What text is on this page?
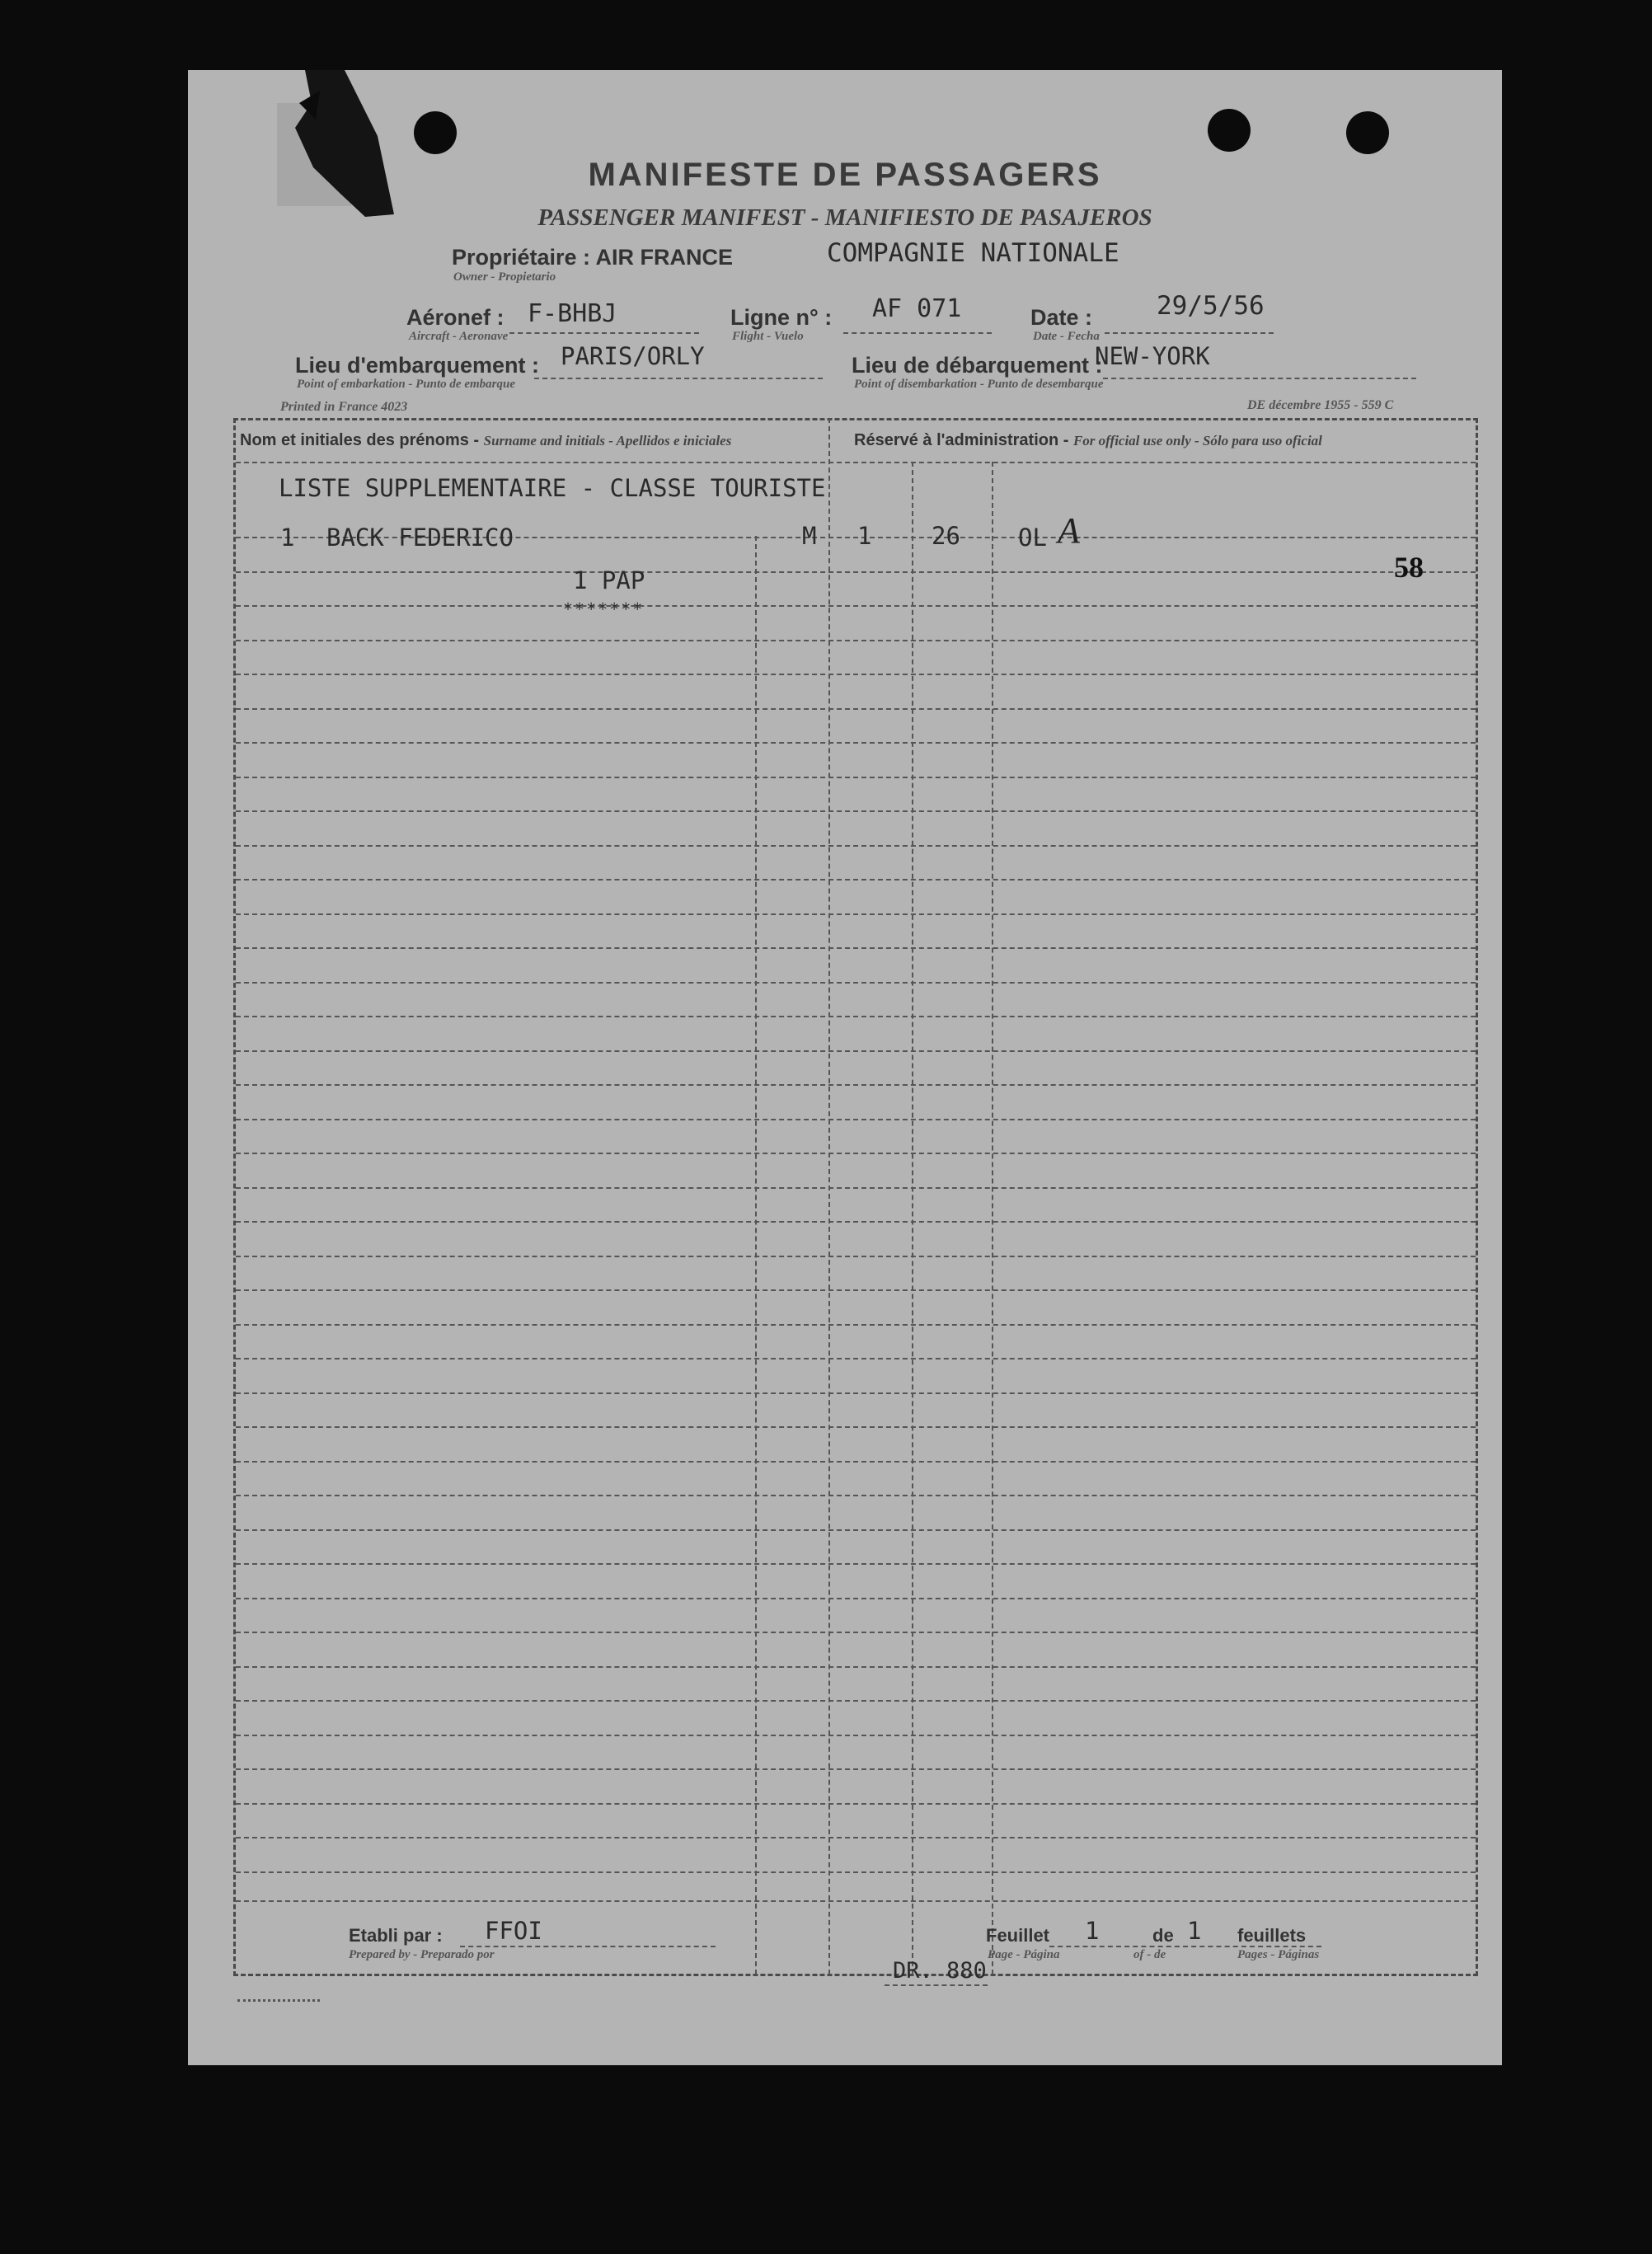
MANIFESTE DE PASSAGERS
PASSENGER MANIFEST - MANIFIESTO DE PASAJEROS
Propriétaire : AIR FRANCE
Owner - Propietario
COMPAGNIE NATIONALE
Aéronef : F-BHBJ
Aircraft - Aeronave
Ligne n° : AF 071
Flight - Vuelo
Date :	29/5/56
Date - Fecha
Lieu d'embarquement : PARIS/ORLY
Point of embarkation - Punto de embarque
Lieu de débarquement :
NEW-YORK
Point of disembarkation - Punto de desembarque
Printed in France 4023	DE décembre 1955 - 559 C
Nom et initiales des prénoms - Surname and initials - Apellidos e iniciales	Réservé à l'administration - For official use only - Sólo para uso oficial
LISTE SUPPLEMENTAIRE - CLASSE TOURISTE
1 BACK FEDERICO	M 1	26 OL A
58
1 PAP
*******
Etabli par :
Prepared by - Preparado por
FFOI	Feuillet 1	de 1 feuillets
Page - Página	of - de	Pages - Páginas
DR. 880
